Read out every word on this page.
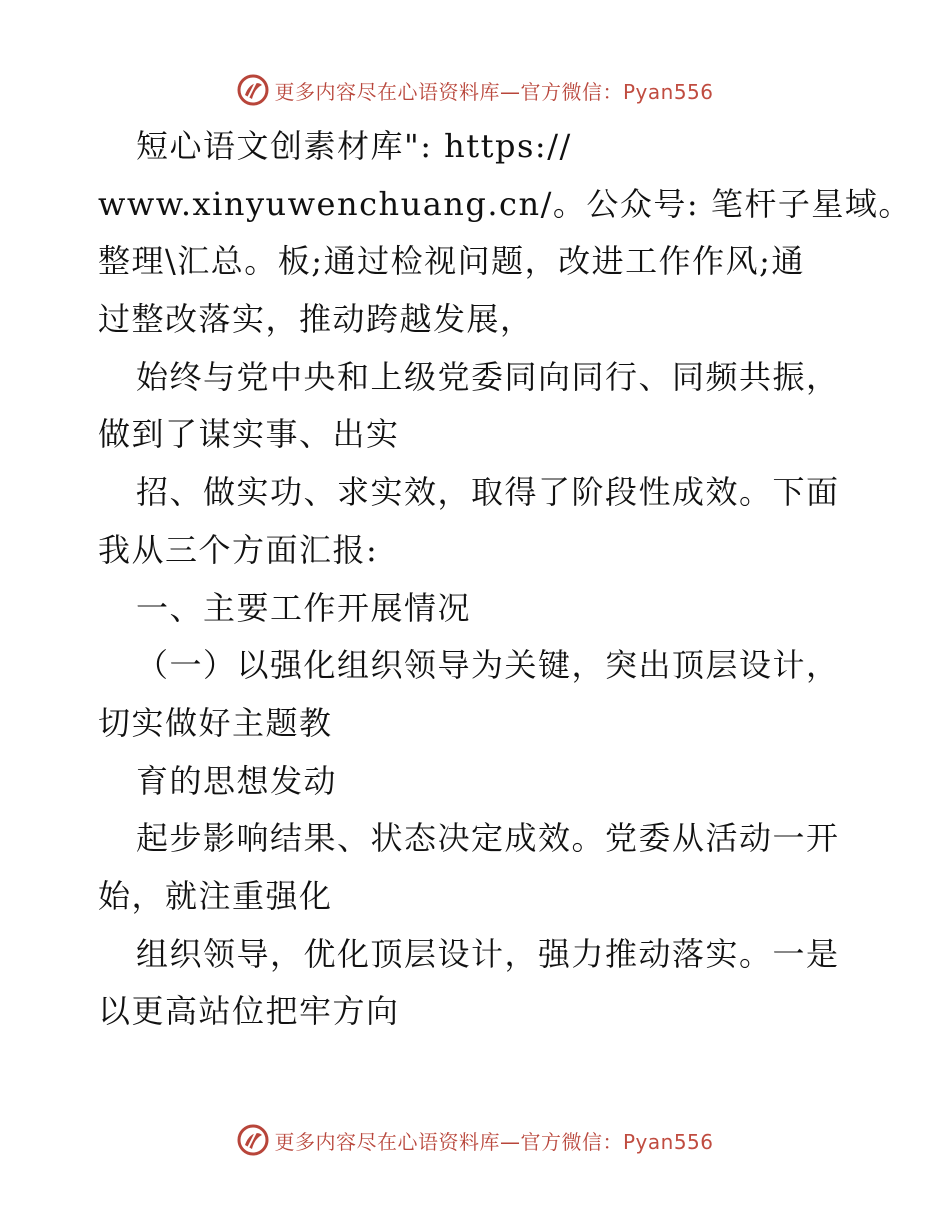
更多内容尽在心语资料库—官方微信：Pyan556
短心语文创素材库": https://
www.xinyuwenchuang.cn/。公众号: 笔杆子星域。
整理\汇总。板;通过检视问题，改进工作作风;通
过整改落实，推动跨越发展，
始终与党中央和上级党委同向同行、同频共振，
做到了谋实事、出实
招、做实功、求实效，取得了阶段性成效。下面
我从三个方面汇报:
一、主要工作开展情况
（一）以强化组织领导为关键，突出顶层设计，
切实做好主题教
育的思想发动
起步影响结果、状态决定成效。党委从活动一开
始，就注重强化
组织领导，优化顶层设计，强力推动落实。一是
以更高站位把牢方向
更多内容尽在心语资料库—官方微信：Pyan556
